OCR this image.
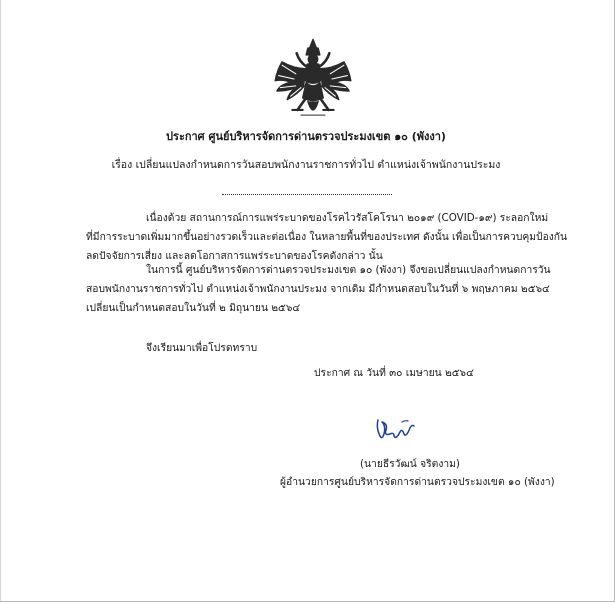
ประกาศ ศูนย์บริหารจัดการด่านตรวจประมงเขต ๑๐ (พังงา)
เรื่อง เปลี่ยนแปลงกำหนดการวันสอบพนักงานราชการทั่วไป ตำแหน่งเจ้าพนักงานประมง
เนื่องด้วย สถานการณ์การแพร่ระบาดของโรคไวรัสโคโรนา ๒๐๑๙ (COVID-๑๙) ระลอกใหม่
ที่มีการระบาดเพิ่มมากขึ้นอย่างรวดเร็วและต่อเนื่อง ในหลายพื้นที่ของประเทศ ดังนั้น เพื่อเป็นการควบคุมป้องกัน
ลดปัจจัยการเสี่ยง และลดโอกาสการแพร่ระบาดของโรคดังกล่าว นั้น
ในการนี้ ศูนย์บริหารจัดการด่านตรวจประมงเขต ๑๐ (พังงา) จึงขอเปลี่ยนแปลงกำหนดการวัน
สอบพนักงานราชการทั่วไป ตำแหน่งเจ้าพนักงานประมง จากเดิม มีกำหนดสอบในวันที่ ๖ พฤษภาคม ๒๕๖๔
เปลี่ยนเป็นกำหนดสอบในวันที่ ๒ มิถุนายน ๒๕๖๔
จึงเรียนมาเพื่อโปรดทราบ
ประกาศ ณ วันที่ ๓๐ เมษายน ๒๕๖๔
(นายธีรวัฒน์ จริตงาม)
ผู้อำนวยการศูนย์บริหารจัดการด่านตรวจประมงเขต ๑๐ (พังงา)
